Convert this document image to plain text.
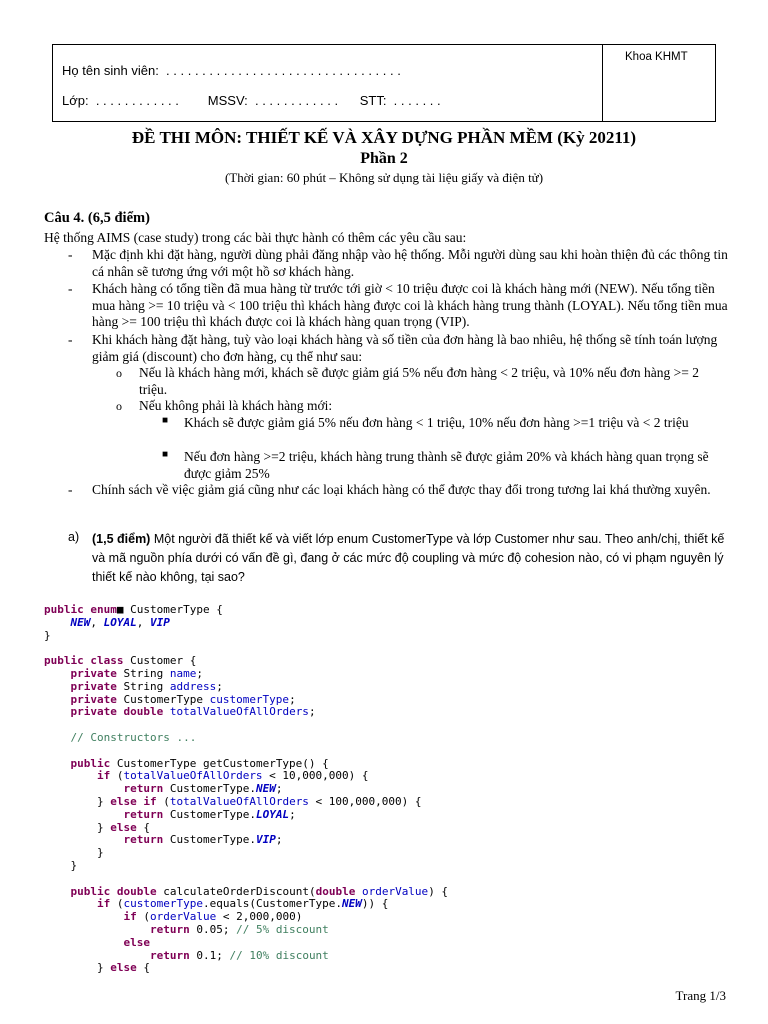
Họ tên sinh viên:  . . . . . . . . . . . . . . . . . . . . . . . . . . . . . . . . .
Lớp:  . . . . . . . . . . . .        MSSV:  . . . . . . . . . . . .      STT:  . . . . . . .
Khoa KHMT
ĐỀ THI MÔN: THIẾT KẾ VÀ XÂY DỰNG PHẦN MỀM (Kỳ 20211)
Phần 2
(Thời gian: 60 phút – Không sử dụng tài liệu giấy và điện tử)
Câu 4. (6,5 điểm)
Hệ thống AIMS (case study) trong các bài thực hành có thêm các yêu cầu sau:
- Mặc định khi đặt hàng, người dùng phải đăng nhập vào hệ thống. Mỗi người dùng sau khi hoàn thiện đủ các thông tin cá nhân sẽ tương ứng với một hồ sơ khách hàng.
- Khách hàng có tổng tiền đã mua hàng từ trước tới giờ < 10 triệu được coi là khách hàng mới (NEW). Nếu tổng tiền mua hàng >= 10 triệu và < 100 triệu thì khách hàng được coi là khách hàng trung thành (LOYAL). Nếu tổng tiền mua hàng >= 100 triệu thì khách được coi là khách hàng quan trọng (VIP).
- Khi khách hàng đặt hàng, tuỳ vào loại khách hàng và số tiền của đơn hàng là bao nhiêu, hệ thống sẽ tính toán lượng giảm giá (discount) cho đơn hàng, cụ thể như sau:
o Nếu là khách hàng mới, khách sẽ được giảm giá 5% nếu đơn hàng < 2 triệu, và 10% nếu đơn hàng >= 2 triệu.
o Nếu không phải là khách hàng mới:
■ Khách sẽ được giảm giá 5% nếu đơn hàng < 1 triệu, 10% nếu đơn hàng >=1 triệu và < 2 triệu
■ Nếu đơn hàng >=2 triệu, khách hàng trung thành sẽ được giảm 20% và khách hàng quan trọng sẽ được giảm 25%
- Chính sách về việc giảm giá cũng như các loại khách hàng có thể được thay đổi trong tương lai khá thường xuyên.
a) (1,5 điểm) Một người đã thiết kế và viết lớp enum CustomerType và lớp Customer như sau. Theo anh/chị, thiết kế và mã nguồn phía dưới có vấn đề gì, đang ở các mức độ coupling và mức độ cohesion nào, có vi phạm nguyên lý thiết kế nào không, tại sao?
public enum■ CustomerType {
NEW, LOYAL, VIP
}

public class Customer {
private String name;
private String address;
private CustomerType customerType;
private double totalValueOfAllOrders;

// Constructors ...

public CustomerType getCustomerType() {
if (totalValueOfAllOrders < 10,000,000) {
return CustomerType.NEW;
} else if (totalValueOfAllOrders < 100,000,000) {
return CustomerType.LOYAL;
} else {
return CustomerType.VIP;
}
}

public double calculateOrderDiscount(double orderValue) {
if (customerType.equals(CustomerType.NEW)) {
if (orderValue < 2,000,000)
return 0.05; // 5% discount
else
return 0.1; // 10% discount
} else {
Trang 1/3
